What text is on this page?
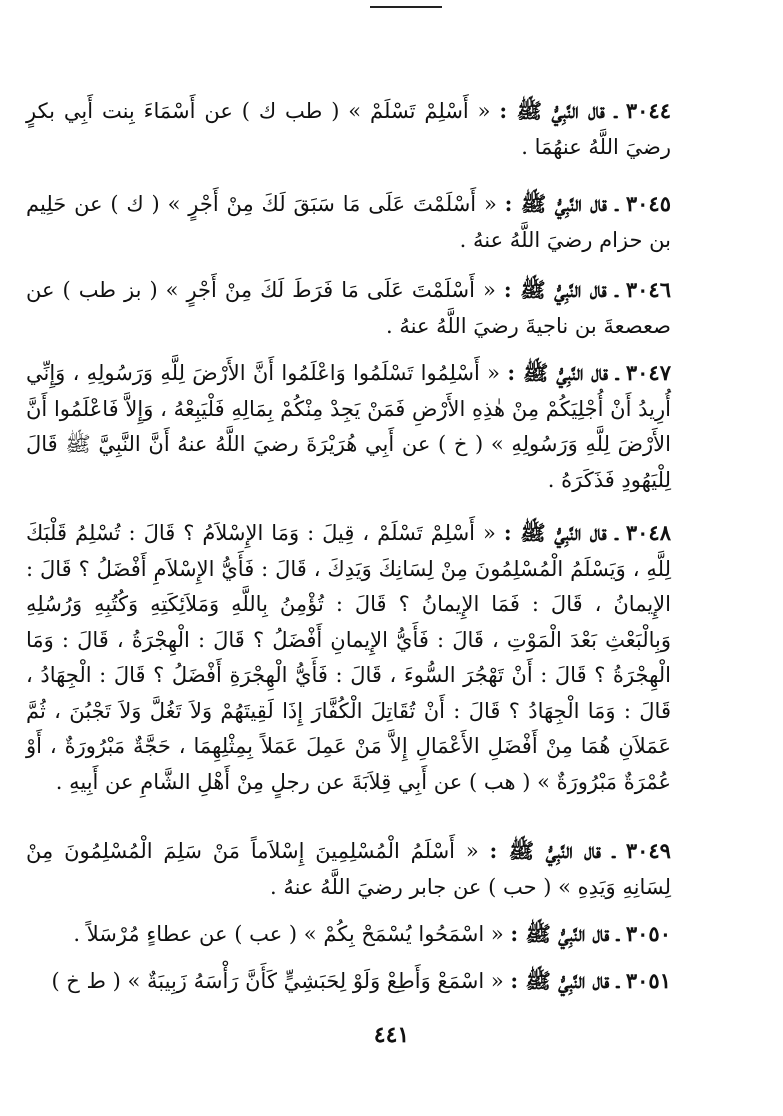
٣٠٤٤ ـ قال النَّبِيُّ ﷺ : « أَسْلِمْ تَسْلَمْ » ( طب ك ) عن أَسْمَاءَ بِنت أَبِي بكرٍ رضيَ اللَّهُ عنهُمَا .

٣٠٤٥ ـ قال النَّبِيُّ ﷺ : « أَسْلَمْتَ عَلَى مَا سَبَقَ لَكَ مِنْ أَجْرٍ » ( ك ) عن حَلِيم بن حزام رضيَ اللَّهُ عنهُ .

٣٠٤٦ ـ قال النَّبِيُّ ﷺ : « أَسْلَمْتَ عَلَى مَا فَرَطَ لَكَ مِنْ أَجْرٍ » ( بز طب ) عن صعصعةَ بن ناجيةَ رضيَ اللَّهُ عنهُ .

٣٠٤٧ ـ قال النَّبِيُّ ﷺ : « أَسْلِمُوا تَسْلَمُوا وَاعْلَمُوا أَنَّ الأَرْضَ لِلَّهِ وَرَسُولِهِ ، وَإِنِّي أُرِيدُ أَنْ أُجْلِيَكُمْ مِنْ هٰذِهِ الأَرْضِ فَمَنْ يَجِدْ مِنْكُمْ بِمَالِهِ فَلْيَبِعْهُ ، وَإِلاَّ فَاعْلَمُوا أَنَّ الأَرْضَ لِلَّهِ وَرَسُولِهِ » ( خ ) عن أَبِي هُرَيْرَةَ رضيَ اللَّهُ عنهُ أَنَّ النَّبِيَّ ﷺ قَالَ لِلْيَهُودِ فَذَكَرَهُ .

٣٠٤٨ ـ قال النَّبِيُّ ﷺ : « أَسْلِمْ تَسْلَمْ ، قِيلَ : وَمَا الإِسْلاَمُ ؟ قَالَ : تُسْلِمُ قَلْبَكَ لِلَّهِ ، وَيَسْلَمُ الْمُسْلِمُونَ مِنْ لِسَانِكَ وَيَدِكَ ، قَالَ : فَأَيُّ الإِسْلاَمِ أَفْضَلُ ؟ قَالَ : الإِيمانُ ، قَالَ : فَمَا الإِيمانُ ؟ قَالَ : تُؤْمِنُ بِاللَّهِ وَمَلاَئِكَتِهِ وَكُتُبِهِ وَرُسُلِهِ وَبِالْبَعْثِ بَعْدَ الْمَوْتِ ، قَالَ : فَأَيُّ الإِيمانِ أَفْضَلُ ؟ قَالَ : الْهِجْرَةُ ، قَالَ : وَمَا الْهِجْرَةُ ؟ قَالَ : أَنْ تَهْجُرَ السُّوءَ ، قَالَ : فَأَيُّ الْهِجْرَةِ أَفْضَلُ ؟ قَالَ : الْجِهَادُ ، قَالَ : وَمَا الْجِهَادُ ؟ قَالَ : أَنْ تُقَاتِلَ الْكُفَّارَ إِذَا لَقِيتَهُمْ وَلاَ تَغُلَّ وَلاَ تَجْبُنَ ، ثُمَّ عَمَلاَنِ هُمَا مِنْ أَفْضَلِ الأَعْمَالِ إِلاَّ مَنْ عَمِلَ عَمَلاً بِمِثْلِهِمَا ، حَجَّةٌ مَبْرُورَةٌ ، أَوْ عُمْرَةٌ مَبْرُورَةٌ » ( هب ) عن أَبِي قِلاَبَةَ عن رجلٍ مِنْ أَهْلِ الشَّامِ عن أَبِيهِ .

٣٠٤٩ ـ قال النَّبِيُّ ﷺ : « أَسْلَمُ الْمُسْلِمِينَ إِسْلاَماً مَنْ سَلِمَ الْمُسْلِمُونَ مِنْ لِسَانِهِ وَيَدِهِ » ( حب ) عن جابر رضيَ اللَّهُ عنهُ .

٣٠٥٠ ـ قال النَّبِيُّ ﷺ : « اسْمَحُوا يُسْمَحْ بِكُمْ » ( عب ) عن عطاءٍ مُرْسَلاً .

٣٠٥١ ـ قال النَّبِيُّ ﷺ : « اسْمَعْ وَأَطِعْ وَلَوْ لِحَبَشِيٍّ كَأَنَّ رَأْسَهُ زَبِيبَةٌ » ( ط خ )

٤٤١
